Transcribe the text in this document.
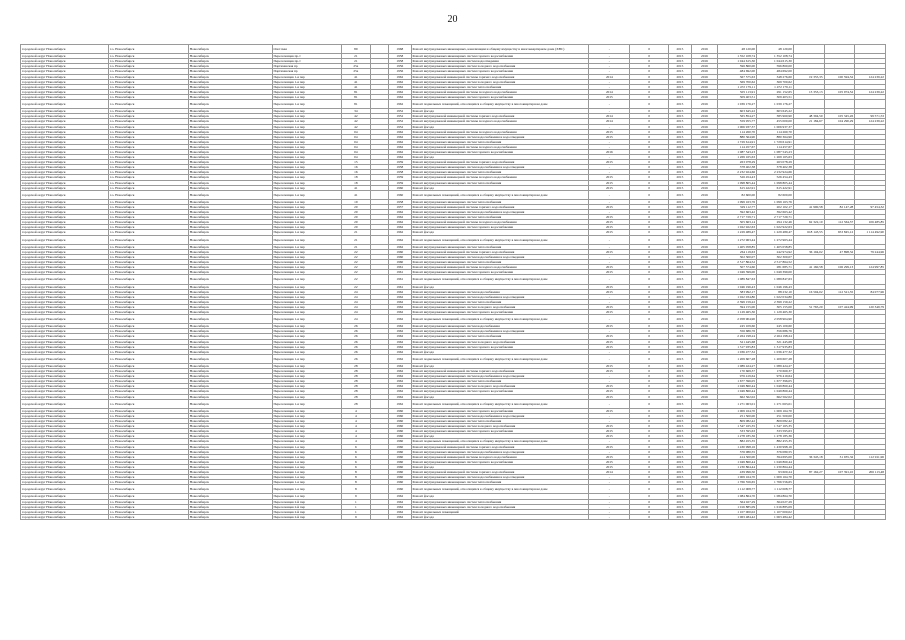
20
городской округ Новосибирск	г.о. Новосибирск	Новосибирск	Охотская	89		1968	Ремонт внутридомовых инженерных, канализации и общему имуществу в многоквартирном доме (ХВС)	-	0	2015	2016	48 120,00	48 120,00			
городской округ Новосибирск	г.о. Новосибирск	Новосибирск	Переселенцев пр-т	21		1958	Ремонт внутридомовых инженерных систем горячего водоснабжения	-	0	2015	2016	1 352 108,74	1 352 108,74			
городской округ Новосибирск	г.о. Новосибирск	Новосибирск	Переселенцев пр-т	21		1958	Ремонт внутридомовых инженерных систем водоотведения	-	0	2015	2016	1 044 615,30	1 044 615,30			
городской округ Новосибирск	г.о. Новосибирск	Новосибирск	Партизанская пр	25а		1956	Ремонт внутридомовых инженерных систем холодного водоснабжения	-	0	2015	2016	596 860,00	596 860,00			
городской округ Новосибирск	г.о. Новосибирск	Новосибирск	Партизанская пр	25а		1956	Ремонт внутридомовых инженерных систем горячего водоснабжения	-	0	2015	2016	484 692,00	484 692,00			
городской округ Новосибирск	г.о. Новосибирск	Новосибирск	Переселенцев 1-я пер	41		1962	Ремонт внутридомовой инженерной системы горячего водоснабжения	2014	0	2015	2016	367 575,63	348 276,60	19 355,35	100 594,32	124 239,22
городской округ Новосибирск	г.о. Новосибирск	Новосибирск	Переселенцев 1-я пер	41		1962	Ремонт внутридомовых инженерных систем холодного водоснабжения	-	0	2015	2016	369 700,62	369 700,62			
городской округ Новосибирск	г.о. Новосибирск	Новосибирск	Переселенцев 1-я пер	41		1962	Ремонт внутридомовых инженерных систем теплоснабжения	-	0	2015	2016	1 472 179,11	1 472 179,11			
городской округ Новосибирск	г.о. Новосибирск	Новосибирск	Переселенцев 1-я пер	81		1962	Ремонт внутридомовой инженерной системы холодного водоснабжения	2014	0	2015	2016	505 113,91	291 152,65	13 353,13	105 974,52	124 239,22
городской округ Новосибирск	г.о. Новосибирск	Новосибирск	Переселенцев 1-я пер	81		1962	Ремонт внутридомовых инженерных систем горячего водоснабжения	2015	0	2015	2016	309 403,51	309 403,51			
городской округ Новосибирск	г.о. Новосибирск	Новосибирск	Переселенцев 1-я пер	81		1962	Ремонт подвальных помещений, относящихся к общему имуществу в многоквартирном доме	-	0	2015	2016	1 039 176,27	1 039 176,27			
городской округ Новосибирск	г.о. Новосибирск	Новосибирск	Переселенцев 1-я пер	34		1952	Ремонт фасада	-	0	2015	2016	603 645,22	603 645,22			
городской округ Новосибирск	г.о. Новосибирск	Новосибирск	Переселенцев 1-я пер	42		1952	Ремонт внутридомовой инженерной системы горячего водоснабжения	2014	0	2015	2016	565 854,27	385 960,90	48 394,50	105 345,26	99 571,53
городской округ Новосибирск	г.о. Новосибирск	Новосибирск	Переселенцев 1-я пер	42		1952	Ремонт внутридомовой инженерной системы холодного водоснабжения	2014	0	2015	2016	559 955,77	455 000,00	21 184,67	104 290,29	124 239,22
городской округ Новосибирск	г.о. Новосибирск	Новосибирск	Переселенцев 1-я пер	42		1952	Ремонт фасада	-	0	2015	2016	1 006 937,37	1 006 937,37			
городской округ Новосибирск	г.о. Новосибирск	Новосибирск	Переселенцев 1-я пер	04		1962	Ремонт внутридомовой инженерной системы холодного водоснабжения	2015	0	2015	2016	114 260,70	114 260,70			
городской округ Новосибирск	г.о. Новосибирск	Новосибирск	Переселенцев 1-я пер	04		1962	Ремонт внутридомовых инженерных систем водоснабжения и водоотведения	2015	0	2015	2016	880 364,90	880 364,90			
городской округ Новосибирск	г.о. Новосибирск	Новосибирск	Переселенцев 1-я пер	04		1962	Ремонт внутридомовых инженерных систем теплоснабжения	-	0	2015	2016	1 729 614,91	1 729 614,91			
городской округ Новосибирск	г.о. Новосибирск	Новосибирск	Переселенцев 1-я пер	04		1962	Ремонт внутридомовой инженерной системы холодного водоснабжения	-	0	2015	2016	114 457,67	114 457,67			
городской округ Новосибирск	г.о. Новосибирск	Новосибирск	Переселенцев 1-я пер	04		1962	Ремонт внутридомовых инженерных систем горячего водоснабжения	2016	0	2015	2016	1 087 543,23	1 087 543,23			
городской округ Новосибирск	г.о. Новосибирск	Новосибирск	Переселенцев 1-я пер	04		1962	Ремонт фасада	-	0	2015	2016	1 269 165,63	1 269 165,63			
городской округ Новосибирск	г.о. Новосибирск	Новосибирск	Переселенцев 1-я пер	15		1959	Ремонт внутридомовой инженерной системы горячего водоснабжения	2015	0	2015	2016	263 078,29	263 078,29			
городской округ Новосибирск	г.о. Новосибирск	Новосибирск	Переселенцев 1-я пер	16		1958	Ремонт внутридомовых инженерных систем водоснабжения и водоотведения	-	0	2015	2016	378 402,38	378 402,38			
городской округ Новосибирск	г.о. Новосибирск	Новосибирск	Переселенцев 1-я пер	16		1958	Ремонт внутридомовых инженерных систем теплоснабжения	-	0	2015	2016	2 232 924,66	2 232 924,66			
городской округ Новосибирск	г.о. Новосибирск	Новосибирск	Переселенцев 1-я пер	18		1959	Ремонт внутридомовой инженерной системы холодного водоснабжения	2015	0	2015	2016	526 454,43	526 454,43			
городской округ Новосибирск	г.о. Новосибирск	Новосибирск	Переселенцев 1-я пер	18		1959	Ремонт внутридомовых инженерных систем теплоснабжения	2015	0	2015	2016	1 098 805,44	1 098 805,44			
городской округ Новосибирск	г.о. Новосибирск	Новосибирск	Переселенцев 1-я пер	41		1960	Ремонт фасада	2015	0	2015	2016	615 422,91	615 422,91			
городской округ Новосибирск	г.о. Новосибирск	Новосибирск	Переселенцев 1-я пер	41		1960	Ремонт подвальных помещений, относящихся к общему имуществу в многоквартирном доме	-	0	2015	2016	82 600,00	82 600,00			
городской округ Новосибирск	г.о. Новосибирск	Новосибирск	Переселенцев 1-я пер	19		1958	Ремонт внутридомовых инженерных систем теплоснабжения	-	0	2015	2016	1 099 163,76	1 099 163,76			
городской округ Новосибирск	г.о. Новосибирск	Новосибирск	Переселенцев 1-я пер	20		1957	Ремонт внутридомовой инженерной системы горячего водоснабжения	2015	0	2015	2016	329 112,77	202 102,17	41 990,58	82 147,28	97 454,32
городской округ Новосибирск	г.о. Новосибирск	Новосибирск	Переселенцев 1-я пер	20		1962	Ремонт внутридомовых инженерных систем водоснабжения и водоотведения	-	0	2015	2016	392 663,42	392 663,42			
городской округ Новосибирск	г.о. Новосибирск	Новосибирск	Переселенцев 1-я пер	20		1962	Ремонт внутридомовых инженерных систем теплоснабжения	2015	0	2015	2016	2 717 729,71	2 717 729,71			
городской округ Новосибирск	г.о. Новосибирск	Новосибирск	Переселенцев 1-я пер	20		1962	Ремонт внутридомовой инженерной системы холодного водоснабжения	2015	0	2015	2016	305 663,14	294 132,46	62 322,10	112 564,37	106 485,85
городской округ Новосибирск	г.о. Новосибирск	Новосибирск	Переселенцев 1-я пер	20		1962	Ремонт внутридомовых инженерных систем горячего водоснабжения	2015	0	2015	2016	1 022 922,63	1 022 922,63			
городской округ Новосибирск	г.о. Новосибирск	Новосибирск	Переселенцев 1-я пер	21		1962	Ремонт фасада	2015	0	2015	2016	1 229 489,47	1 229 489,47	618 143,55	653 845,12	1 114 492,90
городской округ Новосибирск	г.о. Новосибирск	Новосибирск	Переселенцев 1-я пер	21		1962	Ремонт подвальных помещений, относящихся к общему имуществу в многоквартирном доме	-	0	2015	2016	1 272 963,44	1 272 963,44			
городской округ Новосибирск	г.о. Новосибирск	Новосибирск	Переселенцев 1-я пер	21		1962	Ремонт внутридомовых инженерных систем теплоснабжения	-	0	2015	2016	1 405 058,85	1 405 058,85			
городской округ Новосибирск	г.о. Новосибирск	Новосибирск	Переселенцев 1-я пер	22		1960	Ремонт внутридомовой инженерной системы горячего водоснабжения	2015	0	2015	2016	264 119,63	242 974,92	36 194,02	47 898,52	79 244,96
городской округ Новосибирск	г.о. Новосибирск	Новосибирск	Переселенцев 1-я пер	22		1960	Ремонт внутридомовых инженерных систем водоснабжения и водоотведения	-	0	2015	2016	302 300,07	302 300,07			
городской округ Новосибирск	г.о. Новосибирск	Новосибирск	Переселенцев 1-я пер	22		1960	Ремонт внутридомовых инженерных систем теплоснабжения	-	0	2015	2016	2 517 864,52	2 517 864,52			
городской округ Новосибирск	г.о. Новосибирск	Новосибирск	Переселенцев 1-я пер	22		1961	Ремонт внутридомовой инженерной системы холодного водоснабжения	2015	0	2015	2016	507 574,60	281 685,71	41 160,58	106 299,13	124 997,85
городской округ Новосибирск	г.о. Новосибирск	Новосибирск	Переселенцев 1-я пер	22		1961	Ремонт внутридомовых инженерных систем горячего водоснабжения	2015	0	2015	2016	1 049 399,00	1 049 399,00			
городской округ Новосибирск	г.о. Новосибирск	Новосибирск	Переселенцев 1-я пер	22		1961	Ремонт подвальных помещений, относящихся к общему имуществу в многоквартирном доме	-	0	2015	2016	1 089 847,63	1 089 847,63			
городской округ Новосибирск	г.о. Новосибирск	Новосибирск	Переселенцев 1-я пер	22		1961	Ремонт фасада	2015	0	2015	2016	1 046 196,43	1 046 196,43			
городской округ Новосибирск	г.о. Новосибирск	Новосибирск	Переселенцев 1-я пер	24		1962	Ремонт внутридомовых инженерных систем водоснабжения	2015	0	2015	2016	383 992,17	88 232,10	16 594,02	112 521,35	84 077,96
городской округ Новосибирск	г.о. Новосибирск	Новосибирск	Переселенцев 1-я пер	24		1962	Ремонт внутридомовых инженерных систем водоснабжения и водоотведения	-	0	2015	2016	1 022 034,80	1 022 034,80			
городской округ Новосибирск	г.о. Новосибирск	Новосибирск	Переселенцев 1-я пер	24		1962	Ремонт внутридомовых инженерных систем теплоснабжения	-	0	2015	2016	2 399 159,22	2 399 159,22			
городской округ Новосибирск	г.о. Новосибирск	Новосибирск	Переселенцев 1-я пер	24		1962	Ремонт внутридомовых инженерных систем холодного водоснабжения	2015	0	2015	2016	394 155,00	305 155,00	51 765,20	107 424,99	120 349,79
городской округ Новосибирск	г.о. Новосибирск	Новосибирск	Переселенцев 1-я пер	24		1962	Ремонт внутридомовых инженерных систем горячего водоснабжения	2015	0	2015	2016	1 129 465,30	1 129 465,30			
городской округ Новосибирск	г.о. Новосибирск	Новосибирск	Переселенцев 1-я пер	24		1962	Ремонт подвальных помещений, относящихся к общему имуществу в многоквартирном доме	-	0	2015	2016	2 058 904,90	2 058 904,90			
городской округ Новосибирск	г.о. Новосибирск	Новосибирск	Переселенцев 1-я пер	26		1962	Ремонт внутридомовых инженерных систем водоснабжения	2015	0	2015	2016	245 109,60	245 109,60			
городской округ Новосибирск	г.о. Новосибирск	Новосибирск	Переселенцев 1-я пер	26		1962	Ремонт внутридомовых инженерных систем водоснабжения и водоотведения	-	0	2015	2016	356 686,76	356 686,76			
городской округ Новосибирск	г.о. Новосибирск	Новосибирск	Переселенцев 1-я пер	26		1962	Ремонт внутридомовых инженерных систем теплоснабжения	2015	0	2015	2016	2 264 198,24	2 264 198,24			
городской округ Новосибирск	г.о. Новосибирск	Новосибирск	Переселенцев 1-я пер	26		1962	Ремонт внутридомовых инженерных систем холодного водоснабжения	2015	0	2015	2016	321 445,68	321 445,68			
городской округ Новосибирск	г.о. Новосибирск	Новосибирск	Переселенцев 1-я пер	26		1962	Ремонт внутридомовых инженерных систем горячего водоснабжения	2015	0	2015	2016	1 317 935,83	1 317 935,83			
городской округ Новосибирск	г.о. Новосибирск	Новосибирск	Переселенцев 1-я пер	26		1962	Ремонт фасада	-	0	2015	2016	1 036 477,32	1 036 477,32			
городской округ Новосибирск	г.о. Новосибирск	Новосибирск	Переселенцев 1-я пер	26		1962	Ремонт подвальных помещений, относящихся к общему имуществу в многоквартирном доме	-	0	2015	2016	1 209 607,28	1 209 607,28			
городской округ Новосибирск	г.о. Новосибирск	Новосибирск	Переселенцев 1-я пер	28		1962	Ремонт фасада	2015	0	2015	2016	1 089 424,27	1 089 424,27			
городской округ Новосибирск	г.о. Новосибирск	Новосибирск	Переселенцев 1-я пер	28		1962	Ремонт внутридомовой инженерной системы горячего водоснабжения	2015	0	2015	2016	170 669,37	170 669,37			
городской округ Новосибирск	г.о. Новосибирск	Новосибирск	Переселенцев 1-я пер	28		1962	Ремонт внутридомовых инженерных систем водоснабжения и водоотведения	-	0	2015	2016	976 419,64	976 419,64			
городской округ Новосибирск	г.о. Новосибирск	Новосибирск	Переселенцев 1-я пер	28		1962	Ремонт внутридомовых инженерных систем теплоснабжения	-	0	2015	2016	1 677 396,05	1 677 396,05			
городской округ Новосибирск	г.о. Новосибирск	Новосибирск	Переселенцев 1-я пер	28		1962	Ремонт внутридомовых инженерных систем холодного водоснабжения	2015	0	2015	2016	1 049 860,44	1 049 860,44			
городской округ Новосибирск	г.о. Новосибирск	Новосибирск	Переселенцев 1-я пер	28		1962	Ремонт внутридомовых инженерных систем горячего водоснабжения	2015	0	2015	2016	1 049 860,44	1 049 860,44			
городской округ Новосибирск	г.о. Новосибирск	Новосибирск	Переселенцев 1-я пер	28		1962	Ремонт фасада	2015	0	2015	2016	662 562,02	662 562,02			
городской округ Новосибирск	г.о. Новосибирск	Новосибирск	Переселенцев 1-я пер	28		1962	Ремонт подвальных помещений, относящихся к общему имуществу в многоквартирном доме	-	0	2015	2016	1 271 063,01	1 271 063,01			
городской округ Новосибирск	г.о. Новосибирск	Новосибирск	Переселенцев 1-я пер	4		1960	Ремонт внутридомовых инженерных систем горячего водоснабжения	2015	0	2015	2016	1 009 164,70	1 009 164,70			
городской округ Новосибирск	г.о. Новосибирск	Новосибирск	Переселенцев 1-я пер	4		1960	Ремонт внутридомовых инженерных систем водоснабжения и водоотведения	-	0	2015	2016	251 500,00	251 500,00			
городской округ Новосибирск	г.о. Новосибирск	Новосибирск	Переселенцев 1-я пер	4		1960	Ремонт внутридомовых инженерных систем теплоснабжения	-	0	2015	2016	809 082,42	809 082,42			
городской округ Новосибирск	г.о. Новосибирск	Новосибирск	Переселенцев 1-я пер	4		1960	Ремонт внутридомовых инженерных систем холодного водоснабжения	2015	0	2015	2016	1 547 165,35	1 547 165,35			
городской округ Новосибирск	г.о. Новосибирск	Новосибирск	Переселенцев 1-я пер	4		1960	Ремонт внутридомовых инженерных систем горячего водоснабжения	2015	0	2015	2016	333 595,63	333 595,63			
городской округ Новосибирск	г.о. Новосибирск	Новосибирск	Переселенцев 1-я пер	4		1960	Ремонт фасада	2015	0	2015	2016	1 278 185,36	1 278 185,36			
городской округ Новосибирск	г.о. Новосибирск	Новосибирск	Переселенцев 1-я пер	4		1960	Ремонт подвальных помещений, относящихся к общему имуществу в многоквартирном доме	-	0	2015	2016	882 455,35	882 455,35			
городской округ Новосибирск	г.о. Новосибирск	Новосибирск	Переселенцев 1-я пер	6		1960	Ремонт внутридомовой инженерной системы горячего водоснабжения	2015	0	2015	2016	1 430 998,16	1 430 998,16			
городской округ Новосибирск	г.о. Новосибирск	Новосибирск	Переселенцев 1-я пер	6		1960	Ремонт внутридомовых инженерных систем водоснабжения и водоотведения	-	0	2015	2016	376 080,55	376 080,55			
городской округ Новосибирск	г.о. Новосибирск	Новосибирск	Переселенцев 1-я пер	6		1960	Ремонт внутридомовой инженерной системы холодного водоснабжения	2015	0	2015	2016	414 300,00	394 695,00	36 345,18	31 935,32	112 911,96
городской округ Новосибирск	г.о. Новосибирск	Новосибирск	Переселенцев 1-я пер	6		1960	Ремонт внутридомовых инженерных систем горячего водоснабжения	2015	0	2015	2016	1 049 860,44	1 049 860,44			
городской округ Новосибирск	г.о. Новосибирск	Новосибирск	Переселенцев 1-я пер	6		1960	Ремонт фасада	2015	0	2015	2016	1 230 864,44	1 230 864,44			
городской округ Новосибирск	г.о. Новосибирск	Новосибирск	Переселенцев 1-я пер	8		1960	Ремонт внутридомовой инженерной системы горячего водоснабжения	2014	0	2015	2016	439 996,50	93 600,24	87 162,27	107 391,10	206 113,48
городской округ Новосибирск	г.о. Новосибирск	Новосибирск	Переселенцев 1-я пер	8		1960	Ремонт внутридомовых инженерных систем водоснабжения и водоотведения	-	0	2015	2016	1 009 164,70	1 009 164,70			
городской округ Новосибирск	г.о. Новосибирск	Новосибирск	Переселенцев 1-я пер	8		1960	Ремонт внутридомовых инженерных систем теплоснабжения	-	0	2015	2016	1 766 556,65	1 766 556,65			
городской округ Новосибирск	г.о. Новосибирск	Новосибирск	Переселенцев 1-я пер	8		1960	Ремонт подвальных помещений, относящихся к общему имуществу в многоквартирном доме	-	0	2015	2016	1 112 008,77	1 112 008,77			
городской округ Новосибирск	г.о. Новосибирск	Новосибирск	Переселенцев 1-я пер	9		1962	Ремонт фасада	-	0	2015	2016	1 084 864,70	1 084 864,70			
городской округ Новосибирск	г.о. Новосибирск	Новосибирск	Переселенцев 2-й пер	1		1962	Ремонт внутридомовых инженерных систем теплоснабжения	-	0	2015	2016	364 027,29	364 027,29			
городской округ Новосибирск	г.о. Новосибирск	Новосибирск	Переселенцев 2-й пер	1		1962	Ремонт внутридомовых инженерных систем холодного водоснабжения	-	0	2015	2016	1 016 885,09	1 016 885,09			
городской округ Новосибирск	г.о. Новосибирск	Новосибирск	Переселенцев 2-й пер	1		1962	Ремонт подвальных помещений	-	0	2015	2016	1 107 000,02	1 107 000,02			
городской округ Новосибирск	г.о. Новосибирск	Новосибирск	Переселенцев 2-й пер	9		1962	Ремонт фасада	-	0	2015	2016	1 063 484,42	1 063 484,42			
